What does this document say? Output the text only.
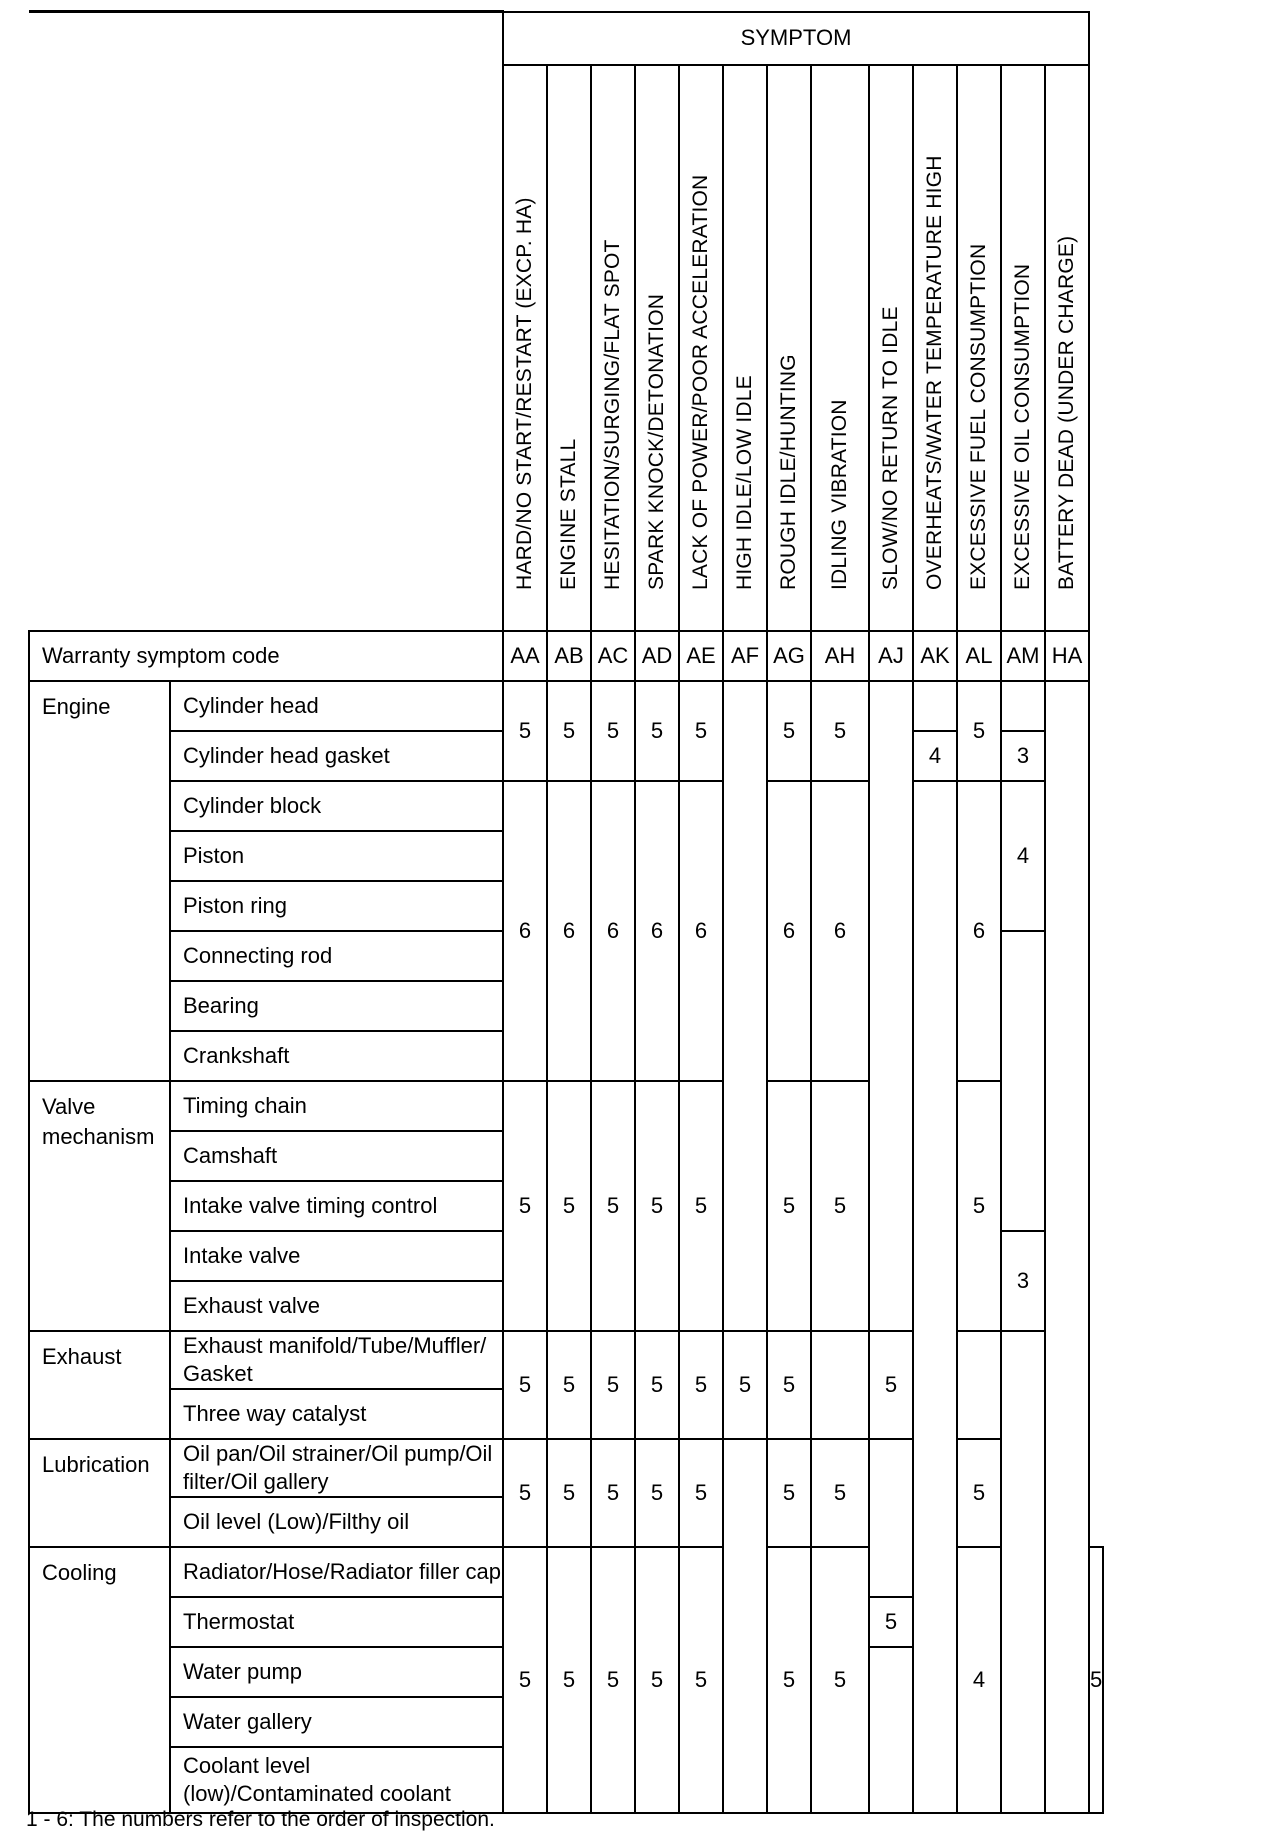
		SYMPTOM													

		HARD/NO START/RESTART (EXCP. HA)	ENGINE STALL	HESITATION/SURGING/FLAT SPOT	SPARK KNOCK/DETONATION	LACK OF POWER/POOR ACCELERATION	HIGH IDLE/LOW IDLE	ROUGH IDLE/HUNTING	IDLING VIBRATION	SLOW/NO RETURN TO IDLE	OVERHEATS/WATER TEMPERATURE HIGH	EXCESSIVE FUEL CONSUMPTION	EXCESSIVE OIL CONSUMPTION	BATTERY DEAD (UNDER CHARGE)	

Warranty symptom code		AA	AB	AC	AD	AE	AF	AG	AH	AJ	AK	AL	AM	HA	
Engine	Cylinder head	5	5	5	5	5		5	5			5			
	Cylinder head gasket										4		3		
	Cylinder block	6	6	6	6	6		6	6			6	4		
	Piston														
	Piston ring														
	Connecting rod														
	Bearing														
	Crankshaft														
Valve mechanism	Timing chain	5	5	5	5	5		5	5			5			
	Camshaft														
	Intake valve timing control														
	Intake valve												3		
	Exhaust valve														
Exhaust	Exhaust manifold/Tube/Muffler/ Gasket	5	5	5	5	5	5	5		5					
	Three way catalyst														
Lubrication	Oil pan/Oil strainer/Oil pump/Oil filter/Oil gallery	5	5	5	5	5		5	5			5			
	Oil level (Low)/Filthy oil														
Cooling	Radiator/Hose/Radiator filler cap	5	5	5	5	5		5	5			4			5
	Thermostat									5					
	Water pump														
	Water gallery														
	Coolant level (low)/Contaminated coolant														
1 - 6: The numbers refer to the order of inspection.
